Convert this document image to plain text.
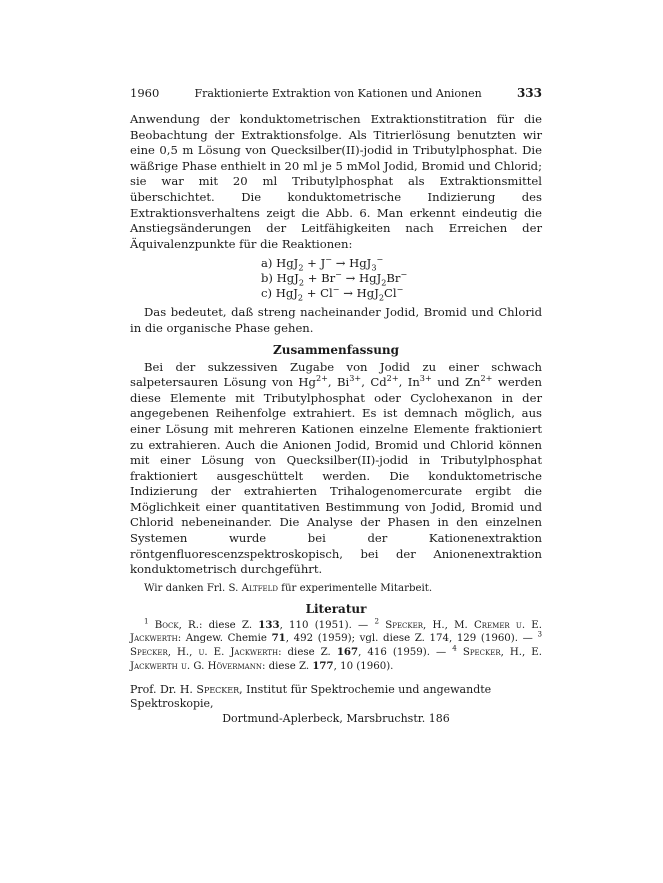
1960	Fraktionierte Extraktion von Kationen und Anionen	333

Anwendung der konduktometrischen Extraktionstitration für die Beobachtung der Extraktionsfolge. Als Titrierlösung benutzten wir eine 0,5 m Lösung von Quecksilber(II)-jodid in Tributylphosphat. Die wäßrige Phase enthielt in 20 ml je 5 mMol Jodid, Bromid und Chlorid; sie war mit 20 ml Tributylphosphat als Extraktionsmittel überschichtet. Die konduktometrische Indizierung des Extraktionsverhaltens zeigt die Abb. 6. Man erkennt eindeutig die Anstiegsänderungen der Leitfähigkeiten nach Erreichen der Äquivalenzpunkte für die Reaktionen:

a) HgJ$_2$ + J− → HgJ$_3$−
b) HgJ$_2$ + Br− → HgJ$_2$Br−
c) HgJ$_2$ + Cl− → HgJ$_2$Cl−

Das bedeutet, daß streng nacheinander Jodid, Bromid und Chlorid in die organische Phase gehen.

Zusammenfassung

Bei der sukzessiven Zugabe von Jodid zu einer schwach salpetersauren Lösung von $Hg^{2+}$, $Bi^{3+}$, $Cd^{2+}$, $In^{3+}$ und $Zn^{2+}$ werden diese Elemente mit Tributylphosphat oder Cyclohexanon in der angegebenen Reihenfolge extrahiert. Es ist demnach möglich, aus einer Lösung mit mehreren Kationen einzelne Elemente fraktioniert zu extrahieren. Auch die Anionen Jodid, Bromid und Chlorid können mit einer Lösung von Quecksilber(II)-jodid in Tributylphosphat fraktioniert ausgeschüttelt werden. Die konduktometrische Indizierung der extrahierten Trihalogenomercurate ergibt die Möglichkeit einer quantitativen Bestimmung von Jodid, Bromid und Chlorid nebeneinander. Die Analyse der Phasen in den einzelnen Systemen wurde bei der Kationenextraktion röntgenfluorescenzspektroskopisch, bei der Anionenextraktion konduktometrisch durchgeführt.

Wir danken Frl. S. Altfeld für experimentelle Mitarbeit.

Literatur

$^1$ Bock, R.: diese Z. 133, 110 (1951). — $^2$ Specker, H., M. Cremer u. E. Jackwerth: Angew. Chemie 71, 492 (1959); vgl. diese Z. 174, 129 (1960). — $^3$ Specker, H., u. E. Jackwerth: diese Z. 167, 416 (1959). — $^4$ Specker, H., E. Jackwerth u. G. Hövermann: diese Z. 177, 10 (1960).

Prof. Dr. H. Specker, Institut für Spektrochemie und angewandte Spektroskopie,
Dortmund-Aplerbeck, Marsbruchstr. 186
